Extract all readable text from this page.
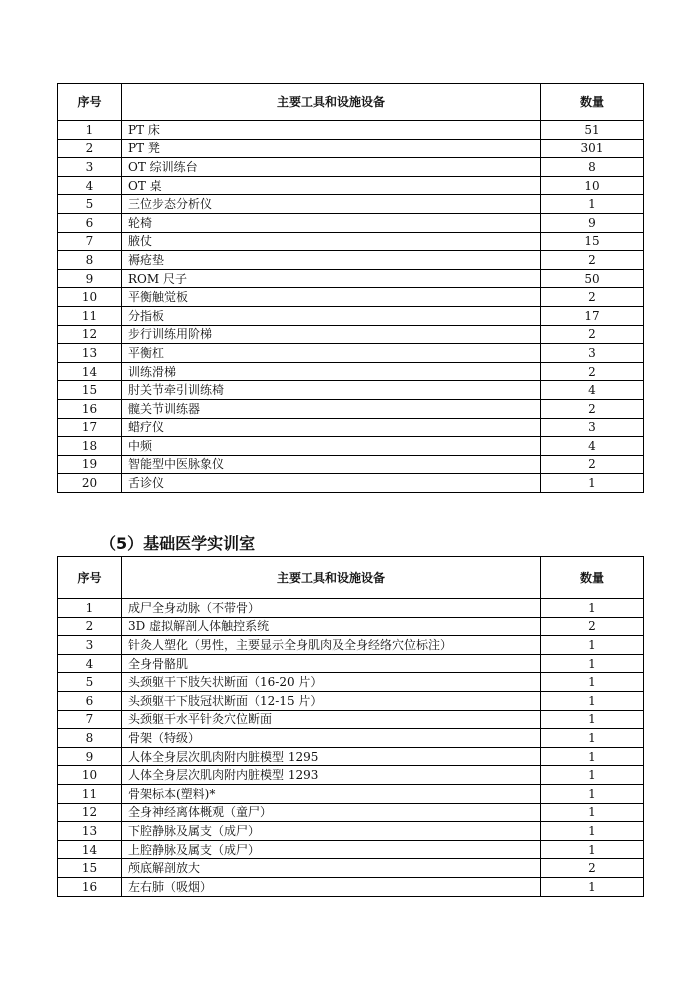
序号	主要工具和设施设备	数量
1	PT 床	51
2	PT 凳	301
3	OT 综训练台	8
4	OT 桌	10
5	三位步态分析仪	1
6	轮椅	9
7	腋仗	15
8	褥疮垫	2
9	ROM 尺子	50
10	平衡触觉板	2
11	分指板	17
12	步行训练用阶梯	2
13	平衡杠	3
14	训练滑梯	2
15	肘关节牵引训练椅	4
16	髋关节训练器	2
17	蜡疗仪	3
18	中频	4
19	智能型中医脉象仪	2
20	舌诊仪	1
（5）基础医学实训室
序号	主要工具和设施设备	数量
1	成尸全身动脉（不带骨）	1
2	3D 虚拟解剖人体触控系统	2
3	针灸人塑化（男性，主要显示全身肌肉及全身经络穴位标注）	1
4	全身骨骼肌	1
5	头颈躯干下肢矢状断面（16-20 片）	1
6	头颈躯干下肢冠状断面（12-15 片）	1
7	头颈躯干水平针灸穴位断面	1
8	骨架（特级）	1
9	人体全身层次肌肉附内脏模型 1295	1
10	人体全身层次肌肉附内脏模型 1293	1
11	骨架标本(塑料)*	1
12	全身神经离体概观（童尸）	1
13	下腔静脉及属支（成尸）	1
14	上腔静脉及属支（成尸）	1
15	颅底解剖放大	2
16	左右肺（吸烟）	1
